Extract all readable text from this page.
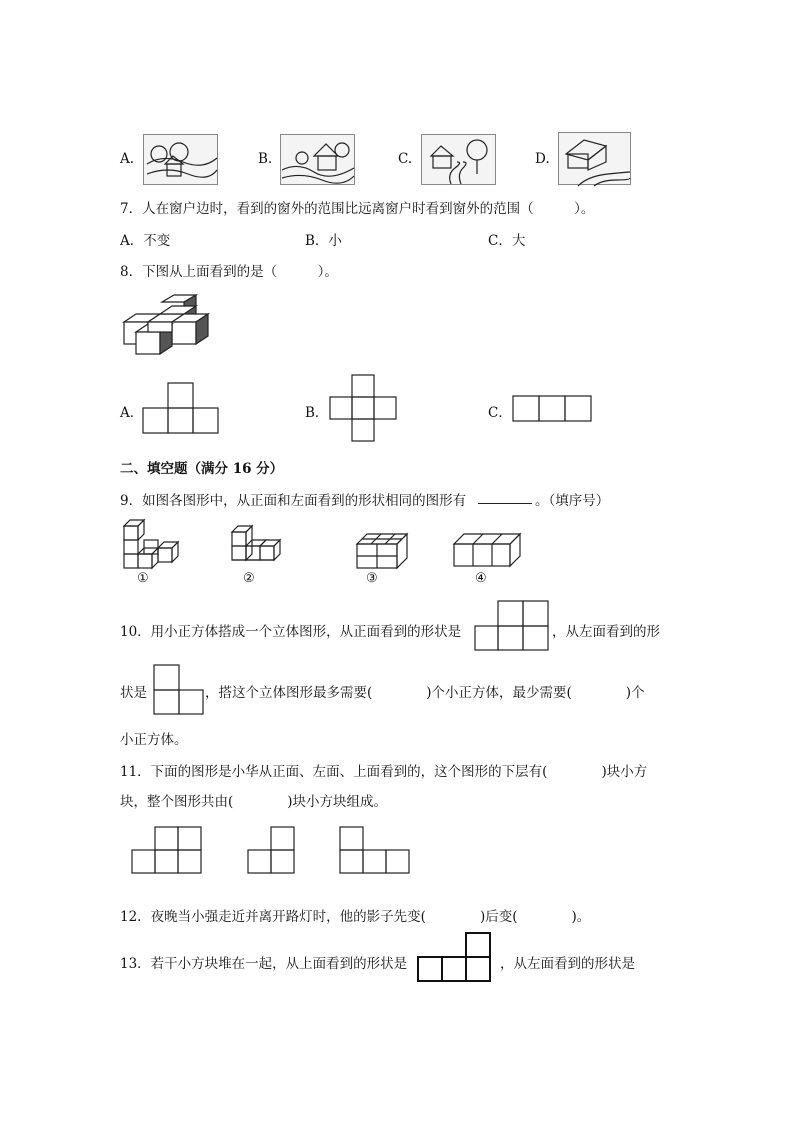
A.	B.	C.	D.
7．人在窗户边时，看到的窗外的范围比远离窗户时看到窗外的范围（　　　）。
A．不变	B．小	C．大
8．下图从上面看到的是（　　　）。
A．	B．	C．
二、填空题（满分 16 分）
9．如图各图形中，从正面和左面看到的形状相同的图形有	。（填序号）
①	②	③	④
10．用小正方体搭成一个立体图形，从正面看到的形状是	，从左面看到的形
状是	，搭这个立体图形最多需要(　　　　)个小正方体，最少需要(　　　　)个
小正方体。
11．下面的图形是小华从正面、左面、上面看到的，这个图形的下层有(　　　　)块小方
块，整个图形共由(　　　　)块小方块组成。
12．夜晚当小强走近并离开路灯时，他的影子先变(　　　　)后变(　　　　)。
13．若干小方块堆在一起，从上面看到的形状是	，从左面看到的形状是
